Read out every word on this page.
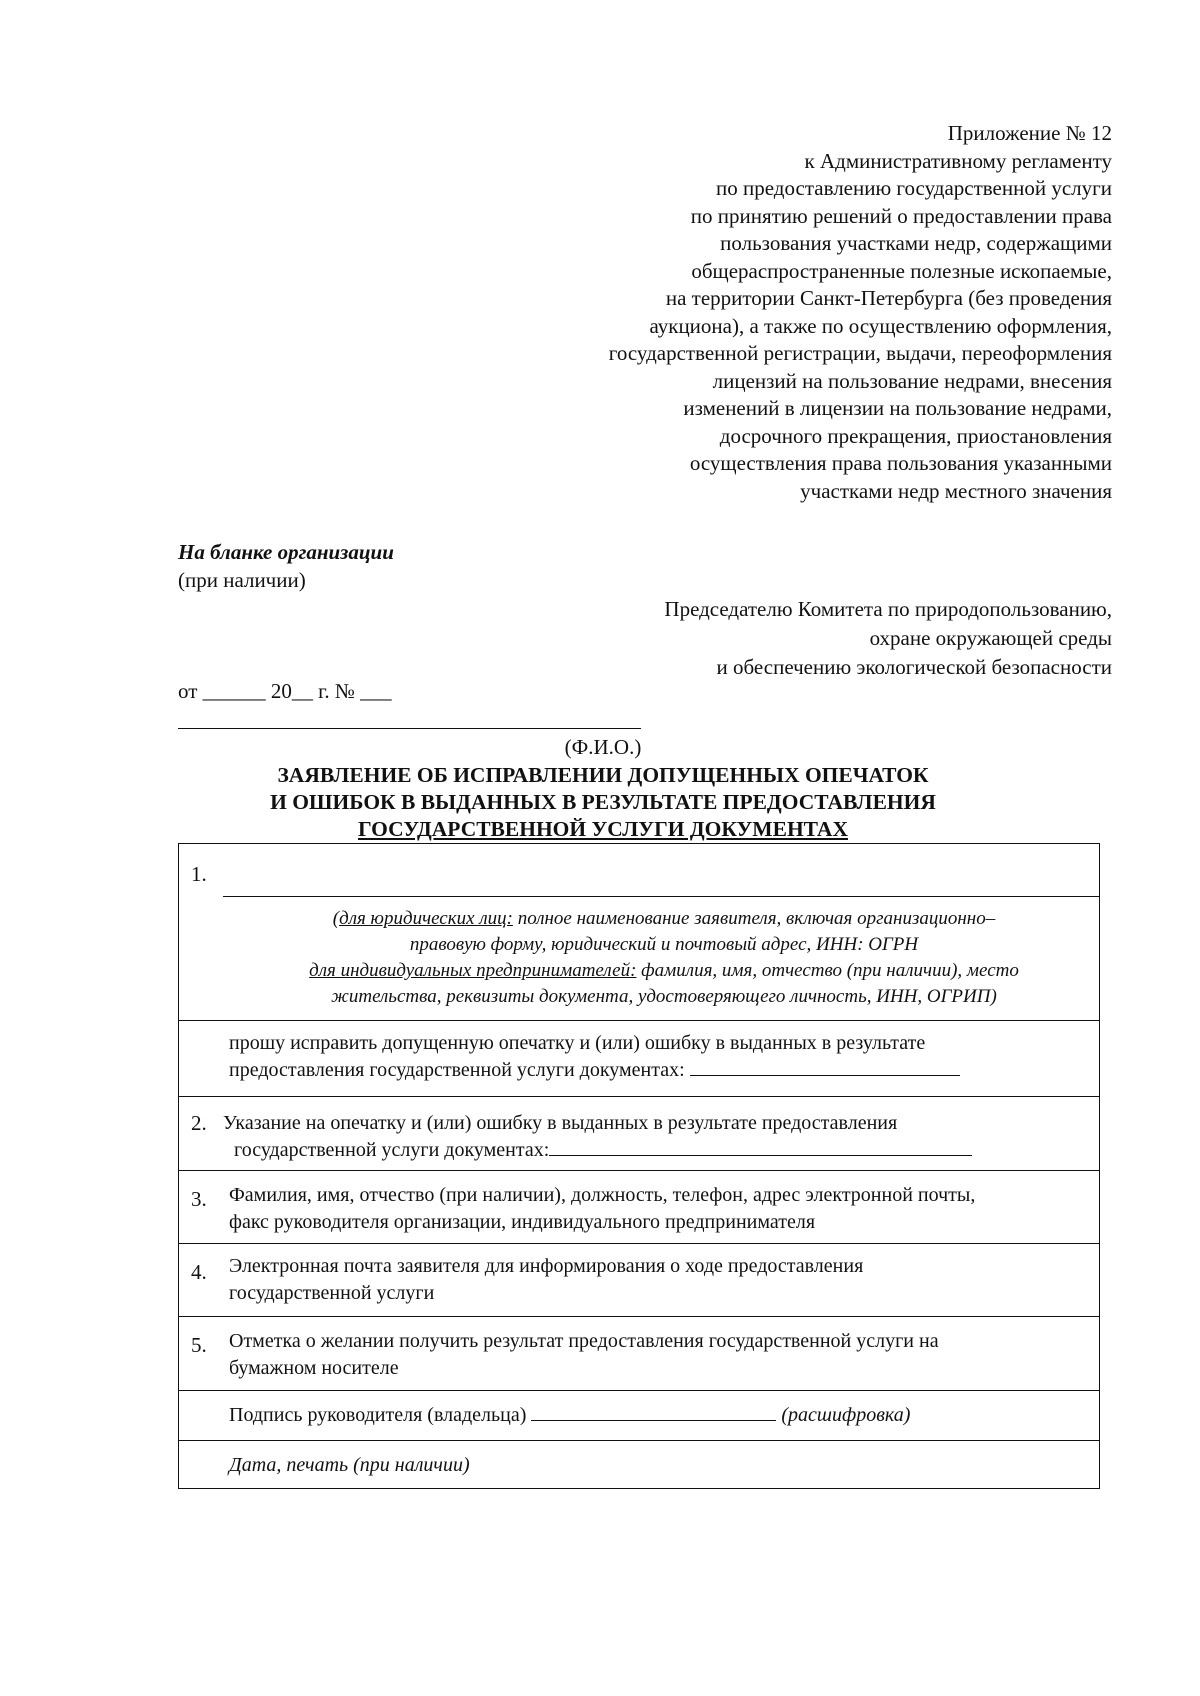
Приложение № 12
к Административному регламенту
по предоставлению государственной услуги
по принятию решений о предоставлении права
пользования участками недр, содержащими
общераспространенные полезные ископаемые,
на территории Санкт-Петербурга (без проведения
аукциона), а также по осуществлению оформления,
государственной регистрации, выдачи, переоформления
лицензий на пользование недрами, внесения
изменений в лицензии на пользование недрами,
досрочного прекращения, приостановления
осуществления права пользования указанными
участками недр местного значения
На бланке организации
(при наличии)
Председателю Комитета по природопользованию,
охране окружающей среды
и обеспечению экологической безопасности
от ______ 20__ г. № ___
(Ф.И.О.)
ЗАЯВЛЕНИЕ ОБ ИСПРАВЛЕНИИ ДОПУЩЕННЫХ ОПЕЧАТОК
И ОШИБОК В ВЫДАННЫХ В РЕЗУЛЬТАТЕ ПРЕДОСТАВЛЕНИЯ
ГОСУДАРСТВЕННОЙ УСЛУГИ ДОКУМЕНТАХ
1.
(для юридических лиц: полное наименование заявителя, включая организационно–
правовую форму, юридический и почтовый адрес, ИНН: ОГРН
для индивидуальных предпринимателей: фамилия, имя, отчество (при наличии), место
жительства, реквизиты документа, удостоверяющего личность, ИНН, ОГРИП)
прошу исправить допущенную опечатку и (или) ошибку в выданных в результате
предоставления государственной услуги документах:
2. Указание на опечатку и (или) ошибку в выданных в результате предоставления
государственной услуги документах:
3. Фамилия, имя, отчество (при наличии), должность, телефон, адрес электронной почты,
факс руководителя организации, индивидуального предпринимателя
4. Электронная почта заявителя для информирования о ходе предоставления
государственной услуги
5. Отметка о желании получить результат предоставления государственной услуги на
бумажном носителе
Подпись руководителя (владельца)	(расшифровка)
Дата, печать (при наличии)
